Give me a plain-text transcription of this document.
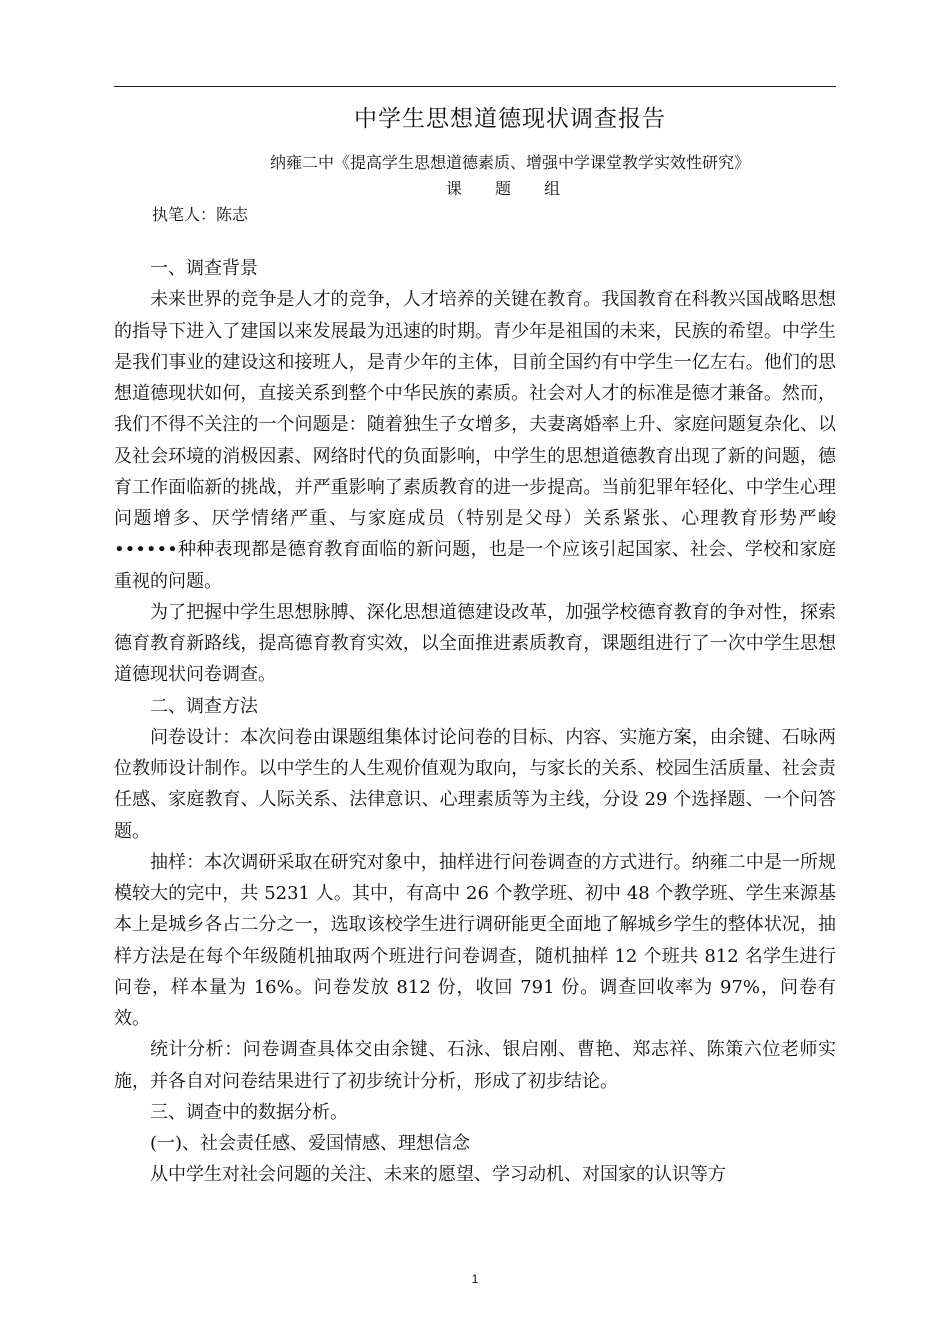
中学生思想道德现状调查报告
纳雍二中《提高学生思想道德素质、增强中学课堂教学实效性研究》
课 题 组
执笔人：陈志

一、调查背景

未来世界的竞争是人才的竞争，人才培养的关键在教育。我国教育在科教兴国战略思想的指导下进入了建国以来发展最为迅速的时期。青少年是祖国的未来，民族的希望。中学生是我们事业的建设这和接班人，是青少年的主体，目前全国约有中学生一亿左右。他们的思想道德现状如何，直接关系到整个中华民族的素质。社会对人才的标准是德才兼备。然而，我们不得不关注的一个问题是：随着独生子女增多，夫妻离婚率上升、家庭问题复杂化、以及社会环境的消极因素、网络时代的负面影响，中学生的思想道德教育出现了新的问题，德育工作面临新的挑战，并严重影响了素质教育的进一步提高。当前犯罪年轻化、中学生心理问题增多、厌学情绪严重、与家庭成员（特别是父母）关系紧张、心理教育形势严峻••••••种种表现都是德育教育面临的新问题，也是一个应该引起国家、社会、学校和家庭重视的问题。

为了把握中学生思想脉膊、深化思想道德建设改革，加强学校德育教育的争对性，探索德育教育新路线，提高德育教育实效，以全面推进素质教育，课题组进行了一次中学生思想道德现状问卷调查。

二、调查方法

问卷设计：本次问卷由课题组集体讨论问卷的目标、内容、实施方案，由余键、石咏两位教师设计制作。以中学生的人生观价值观为取向，与家长的关系、校园生活质量、社会责任感、家庭教育、人际关系、法律意识、心理素质等为主线，分设 29 个选择题、一个问答题。

抽样：本次调研采取在研究对象中，抽样进行问卷调查的方式进行。纳雍二中是一所规模较大的完中，共 5231 人。其中，有高中 26 个教学班、初中 48 个教学班、学生来源基本上是城乡各占二分之一，选取该校学生进行调研能更全面地了解城乡学生的整体状况，抽样方法是在每个年级随机抽取两个班进行问卷调查，随机抽样 12 个班共 812 名学生进行问卷，样本量为 16%。问卷发放 812 份，收回 791 份。调查回收率为 97%，问卷有效。

统计分析：问卷调查具体交由余键、石泳、银启刚、曹艳、郑志祥、陈策六位老师实施，并各自对问卷结果进行了初步统计分析，形成了初步结论。

三、调查中的数据分析。

(一)、社会责任感、爱国情感、理想信念

从中学生对社会问题的关注、未来的愿望、学习动机、对国家的认识等方

1
